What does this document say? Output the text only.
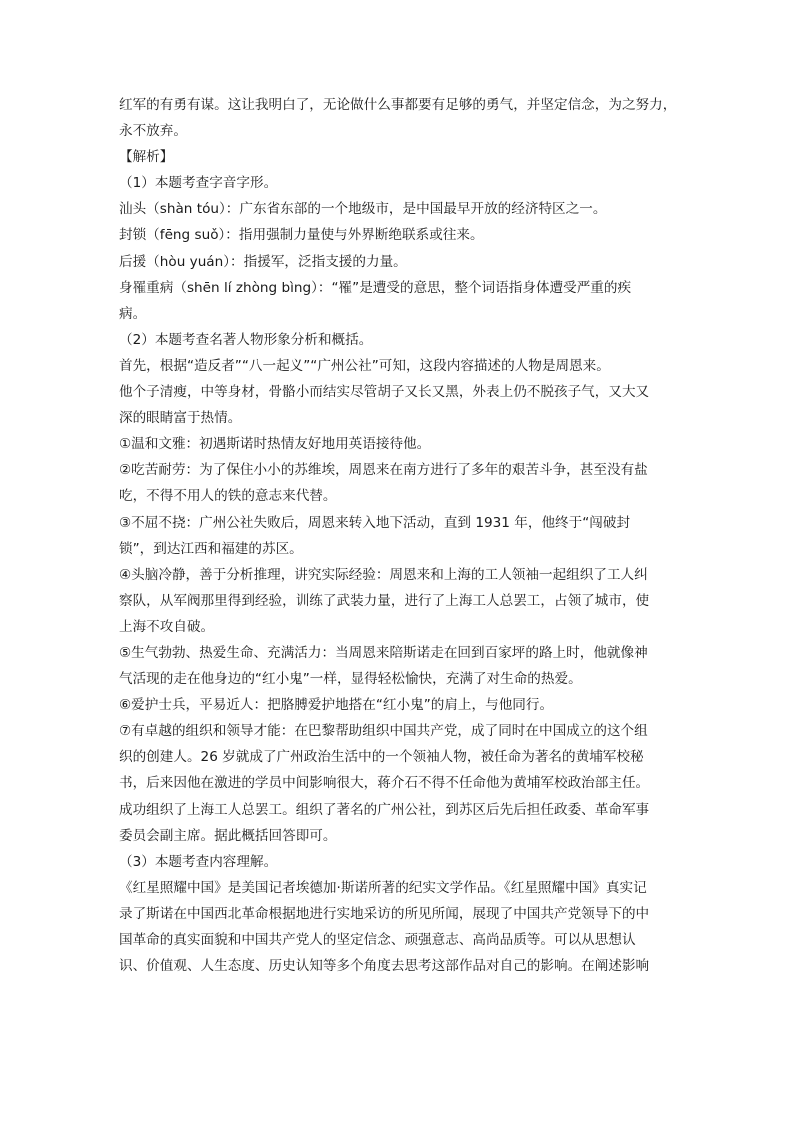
红军的有勇有谋。这让我明白了，无论做什么事都要有足够的勇气，并坚定信念，为之努力，
永不放弃。
【解析】
（1）本题考查字音字形。
汕头（shàn tóu）：广东省东部的一个地级市，是中国最早开放的经济特区之一。
封锁（fēng suǒ）：指用强制力量使与外界断绝联系或往来。
后援（hòu yuán）：指援军，泛指支援的力量。
身罹重病（shēn lí zhòng bìng）：“罹”是遭受的意思，整个词语指身体遭受严重的疾
病。
（2）本题考查名著人物形象分析和概括。
首先，根据“造反者”“八一起义”“广州公社”可知，这段内容描述的人物是周恩来。
他个子清瘦，中等身材，骨骼小而结实尽管胡子又长又黑，外表上仍不脱孩子气，又大又
深的眼睛富于热情。
①温和文雅：初遇斯诺时热情友好地用英语接待他。
②吃苦耐劳：为了保住小小的苏维埃，周恩来在南方进行了多年的艰苦斗争，甚至没有盐
吃，不得不用人的铁的意志来代替。
③不屈不挠：广州公社失败后，周恩来转入地下活动，直到 1931 年，他终于“闯破封
锁”，到达江西和福建的苏区。
④头脑冷静，善于分析推理，讲究实际经验：周恩来和上海的工人领袖一起组织了工人纠
察队，从军阀那里得到经验，训练了武装力量，进行了上海工人总罢工，占领了城市，使
上海不攻自破。
⑤生气勃勃、热爱生命、充满活力：当周恩来陪斯诺走在回到百家坪的路上时，他就像神
气活现的走在他身边的“红小鬼”一样，显得轻松愉快，充满了对生命的热爱。
⑥爱护士兵，平易近人：把胳膊爱护地搭在“红小鬼”的肩上，与他同行。
⑦有卓越的组织和领导才能：在巴黎帮助组织中国共产党，成了同时在中国成立的这个组
织的创建人。26 岁就成了广州政治生活中的一个领袖人物，被任命为著名的黄埔军校秘
书，后来因他在激进的学员中间影响很大，蒋介石不得不任命他为黄埔军校政治部主任。
成功组织了上海工人总罢工。组织了著名的广州公社，到苏区后先后担任政委、革命军事
委员会副主席。据此概括回答即可。
（3）本题考查内容理解。
《红星照耀中国》是美国记者埃德加·斯诺所著的纪实文学作品。《红星照耀中国》真实记
录了斯诺在中国西北革命根据地进行实地采访的所见所闻，展现了中国共产党领导下的中
国革命的真实面貌和中国共产党人的坚定信念、顽强意志、高尚品质等。可以从思想认
识、价值观、人生态度、历史认知等多个角度去思考这部作品对自己的影响。在阐述影响
